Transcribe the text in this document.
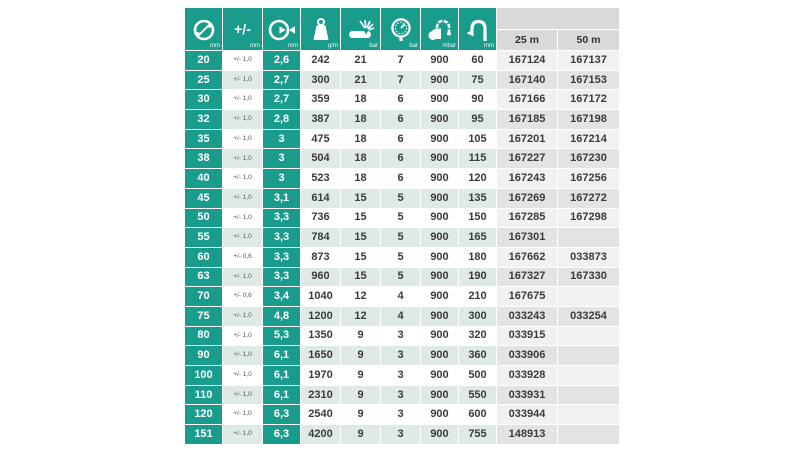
mm	+/-
mm	mm	g/m	bar	bar	mbar	mm	· · · · ·	
								25 m	50 m
20	+/- 1,0	2,6	242	21	7	900	60	167124	167137
25	+/- 1,0	2,7	300	21	7	900	75	167140	167153
30	+/- 1,0	2,7	359	18	6	900	90	167166	167172
32	+/- 1,0	2,8	387	18	6	900	95	167185	167198
35	+/- 1,0	3	475	18	6	900	105	167201	167214
38	+/- 1,0	3	504	18	6	900	115	167227	167230
40	+/- 1,0	3	523	18	6	900	120	167243	167256
45	+/- 1,0	3,1	614	15	5	900	135	167269	167272
50	+/- 1,0	3,3	736	15	5	900	150	167285	167298
55	+/- 1,0	3,3	784	15	5	900	165	167301	
60	+/- 0,6	3,3	873	15	5	900	180	167662	033873
63	+/- 1,0	3,3	960	15	5	900	190	167327	167330
70	+/- 0,6	3,4	1040	12	4	900	210	167675	
75	+/- 1,0	4,8	1200	12	4	900	300	033243	033254
80	+/- 1,0	5,3	1350	9	3	900	320	033915	
90	+/- 1,0	6,1	1650	9	3	900	360	033906	
100	+/- 1,0	6,1	1970	9	3	900	500	033928	
110	+/- 1,0	6,1	2310	9	3	900	550	033931	
120	+/- 1,0	6,3	2540	9	3	900	600	033944	
151	+/- 1,0	6,3	4200	9	3	900	755	148913	
